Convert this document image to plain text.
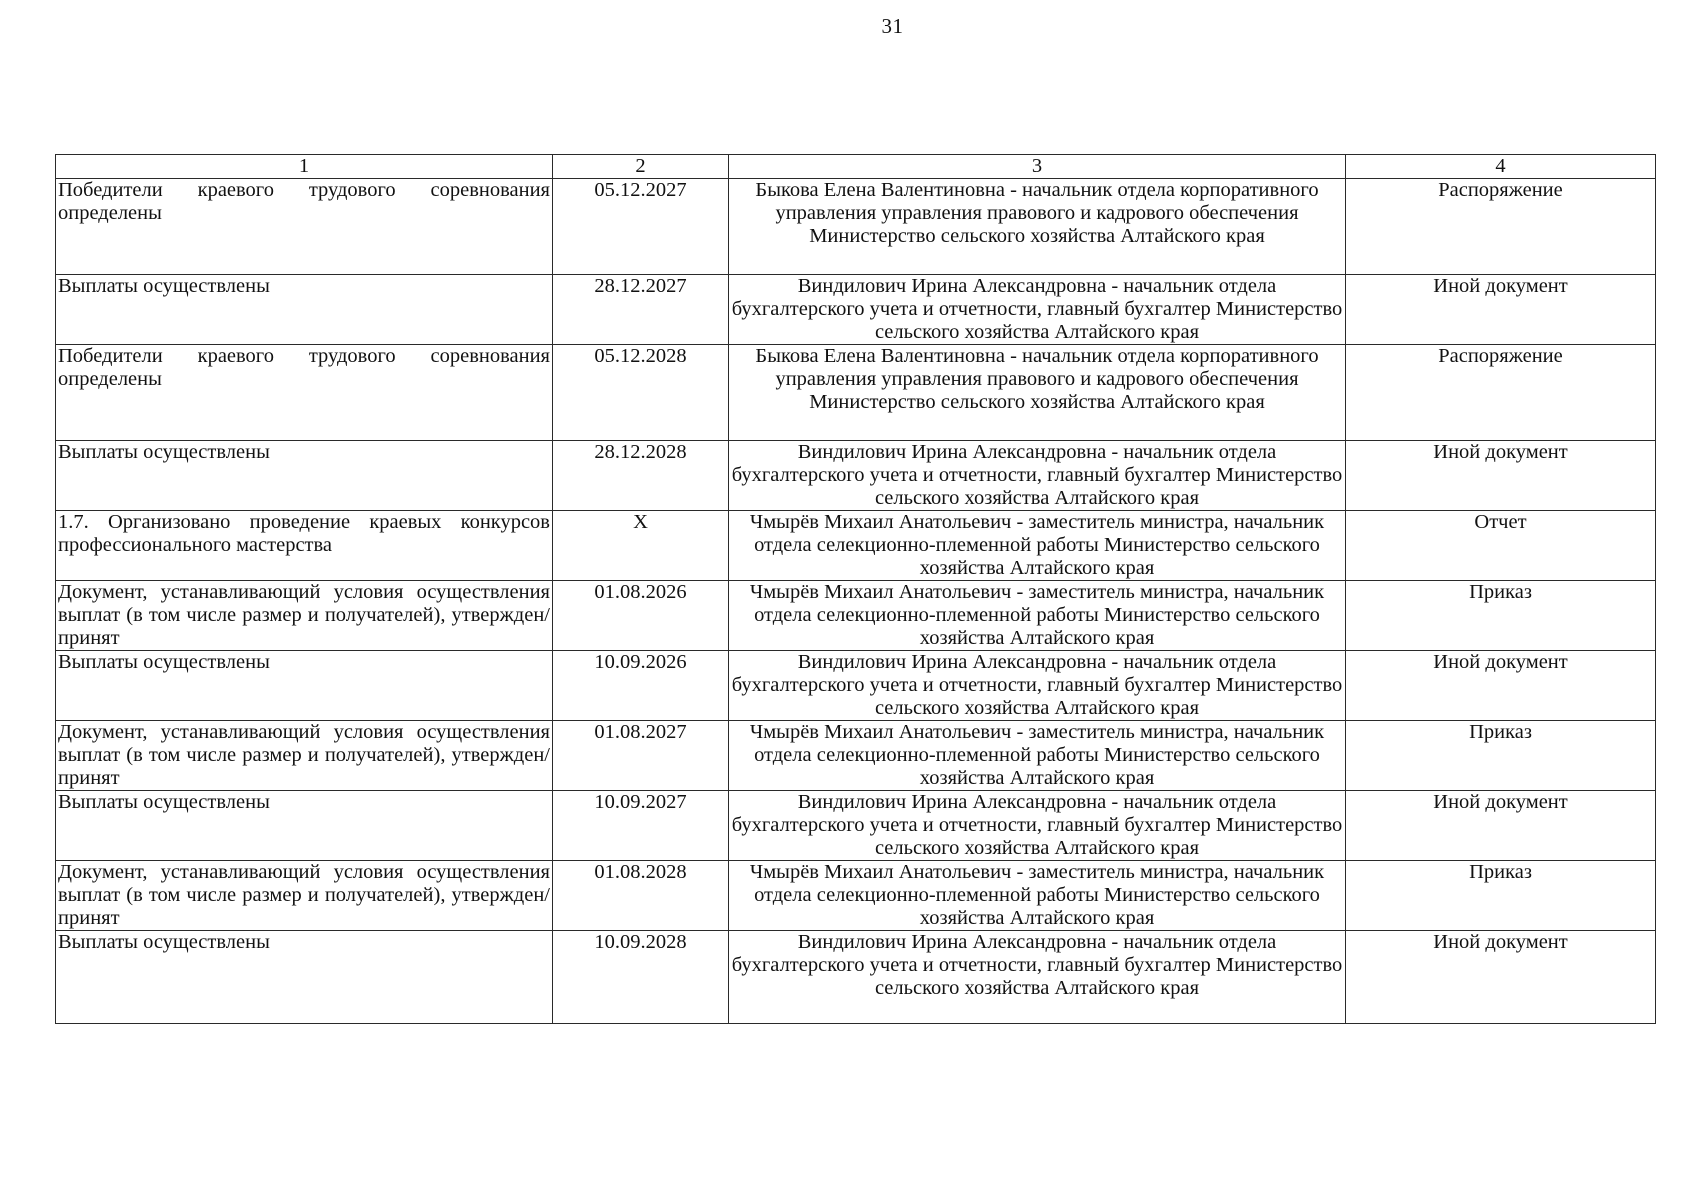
31
1	2	3	4
Победители краевого трудового соревнования определены	05.12.2027	Быкова Елена Валентиновна - начальник отдела корпоративного управления управления правового и кадрового обеспечения Министерство сельского хозяйства Алтайского края	Распоряжение
Выплаты осуществлены	28.12.2027	Виндилович Ирина Александровна - начальник отдела бухгалтерского учета и отчетности, главный бухгалтер Министерство сельского хозяйства Алтайского края	Иной документ
Победители краевого трудового соревнования определены	05.12.2028	Быкова Елена Валентиновна - начальник отдела корпоративного управления управления правового и кадрового обеспечения Министерство сельского хозяйства Алтайского края	Распоряжение
Выплаты осуществлены	28.12.2028	Виндилович Ирина Александровна - начальник отдела бухгалтерского учета и отчетности, главный бухгалтер Министерство сельского хозяйства Алтайского края	Иной документ
1.7. Организовано проведение краевых конкурсов профессионального мастерства	X	Чмырёв Михаил Анатольевич - заместитель министра, начальник отдела селекционно-племенной работы Министерство сельского хозяйства Алтайского края	Отчет
Документ, устанавливающий условия осуществления выплат (в том числе размер и получателей), утвержден/принят	01.08.2026	Чмырёв Михаил Анатольевич - заместитель министра, начальник отдела селекционно-племенной работы Министерство сельского хозяйства Алтайского края	Приказ
Выплаты осуществлены	10.09.2026	Виндилович Ирина Александровна - начальник отдела бухгалтерского учета и отчетности, главный бухгалтер Министерство сельского хозяйства Алтайского края	Иной документ
Документ, устанавливающий условия осуществления выплат (в том числе размер и получателей), утвержден/принят	01.08.2027	Чмырёв Михаил Анатольевич - заместитель министра, начальник отдела селекционно-племенной работы Министерство сельского хозяйства Алтайского края	Приказ
Выплаты осуществлены	10.09.2027	Виндилович Ирина Александровна - начальник отдела бухгалтерского учета и отчетности, главный бухгалтер Министерство сельского хозяйства Алтайского края	Иной документ
Документ, устанавливающий условия осуществления выплат (в том числе размер и получателей), утвержден/принят	01.08.2028	Чмырёв Михаил Анатольевич - заместитель министра, начальник отдела селекционно-племенной работы Министерство сельского хозяйства Алтайского края	Приказ
Выплаты осуществлены	10.09.2028	Виндилович Ирина Александровна - начальник отдела бухгалтерского учета и отчетности, главный бухгалтер Министерство сельского хозяйства Алтайского края	Иной документ
